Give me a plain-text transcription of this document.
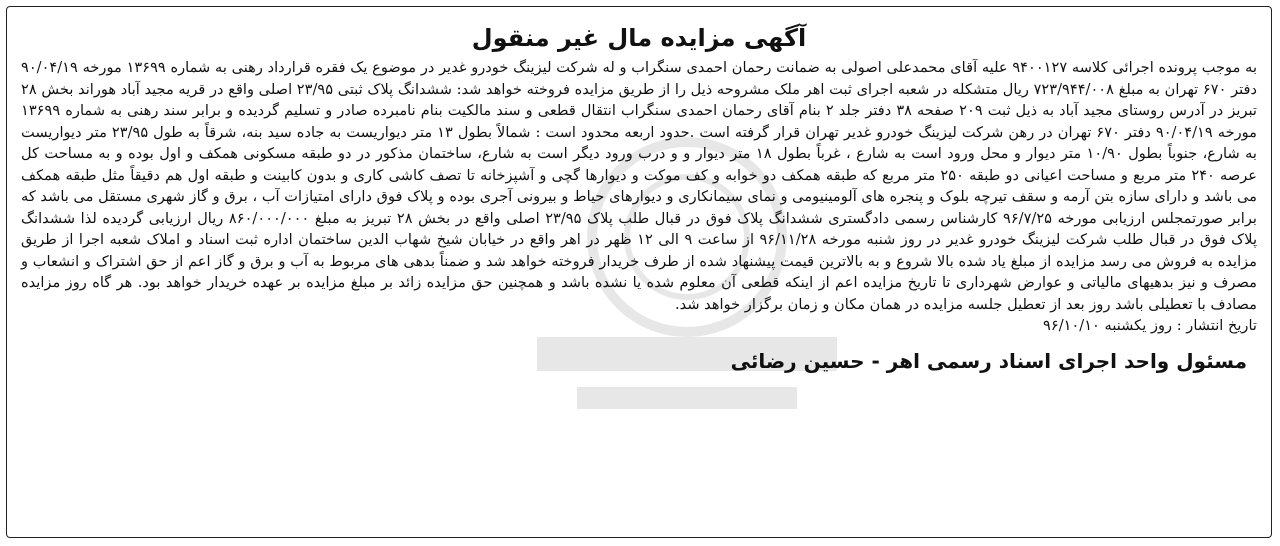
آگهی مزایده مال غیر منقول
به موجب پرونده اجرائی کلاسه ۹۴۰۰۱۲۷ علیه آقای محمدعلی اصولی به ضمانت رحمان احمدی سنگراب و له شرکت لیزینگ خودرو غدیر در موضوع یک فقره قرارداد رهنی به شماره ۱۳۶۹۹ مورخه ۹۰/۰۴/۱۹ دفتر ۶۷۰ تهران به مبلغ ۷۲۳/۹۴۴/۰۰۸ ریال متشکله در شعبه اجرای ثبت اهر ملک مشروحه ذیل را از طریق مزایده فروخته خواهد شد: ششدانگ پلاک ثبتی ۲۳/۹۵ اصلی واقع در قریه مجید آباد هوراند بخش ۲۸ تبریز در آدرس روستای مجید آباد به ذیل ثبت ۲۰۹ صفحه ۳۸ دفتر جلد ۲ بنام آقای رحمان احمدی سنگراب انتقال قطعی و سند مالکیت بنام نامبرده صادر و تسلیم گردیده و برابر سند رهنی به شماره ۱۳۶۹۹ مورخه ۹۰/۰۴/۱۹ دفتر ۶۷۰ تهران در رهن شرکت لیزینگ خودرو غدیر تهران قرار گرفته است .حدود اربعه محدود است : شمالاً بطول ۱۳ متر دیواریست به جاده سید بنه، شرقاً به طول ۲۳/۹۵ متر دیواریست به شارع، جنوباً بطول ۱۰/۹۰ متر دیوار و محل ورود است به شارع ، غرباً بطول ۱۸ متر دیوار و و درب ورود دیگر است به شارع، ساختمان مذکور در دو طبقه مسکونی همکف و اول بوده و به مساحت کل عرصه ۲۴۰ متر مربع و مساحت اعیانی دو طبقه ۲۵۰ متر مربع که طبقه همکف دو خوابه و کف موکت و دیوارها گچی و آشپزخانه تا تصف کاشی کاری و بدون کابینت و طبقه اول هم دقیقاً مثل طبقه همکف می باشد و دارای سازه بتن آرمه و سقف تیرچه بلوک و پنجره های آلومینیومی و نمای سیمانکاری و دیوارهای حیاط و بیرونی آجری بوده و پلاک فوق دارای امتیازات آب ، برق و گاز شهری مستقل می باشد که برابر صورتمجلس ارزیابی مورخه ۹۶/۷/۲۵ کارشناس رسمی دادگستری ششدانگ پلاک فوق در قبال طلب پلاک ۲۳/۹۵ اصلی واقع در بخش ۲۸ تبریز به مبلغ ۸۶۰/۰۰۰/۰۰۰ ریال ارزیابی گردیده لذا ششدانگ پلاک فوق در قبال طلب شرکت لیزینگ خودرو غدیر در روز شنبه مورخه ۹۶/۱۱/۲۸ از ساعت ۹ الی ۱۲ ظهر در اهر واقع در خیابان شیخ شهاب الدین ساختمان اداره ثبت اسناد و املاک شعبه اجرا از طریق مزایده به فروش می رسد مزایده از مبلغ یاد شده بالا شروع و به بالاترین قیمت پیشنهاد شده از طرف خریدار فروخته خواهد شد و ضمناً بدهی های مربوط به آب و برق و گاز اعم از حق اشتراک و انشعاب و مصرف و نیز بدهیهای مالیاتی و عوارض شهرداری تا تاریخ مزایده اعم از اینکه قطعی آن معلوم شده یا نشده باشد و همچنین حق مزایده زائد بر مبلغ مزایده بر عهده خریدار خواهد بود. هر گاه روز مزایده مصادف با تعطیلی باشد روز بعد از تعطیل جلسه مزایده در همان مکان و زمان برگزار خواهد شد.
تاریخ انتشار : روز یکشنبه ۹۶/۱۰/۱۰
مسئول واحد اجرای اسناد رسمی اهر - حسین رضائی
